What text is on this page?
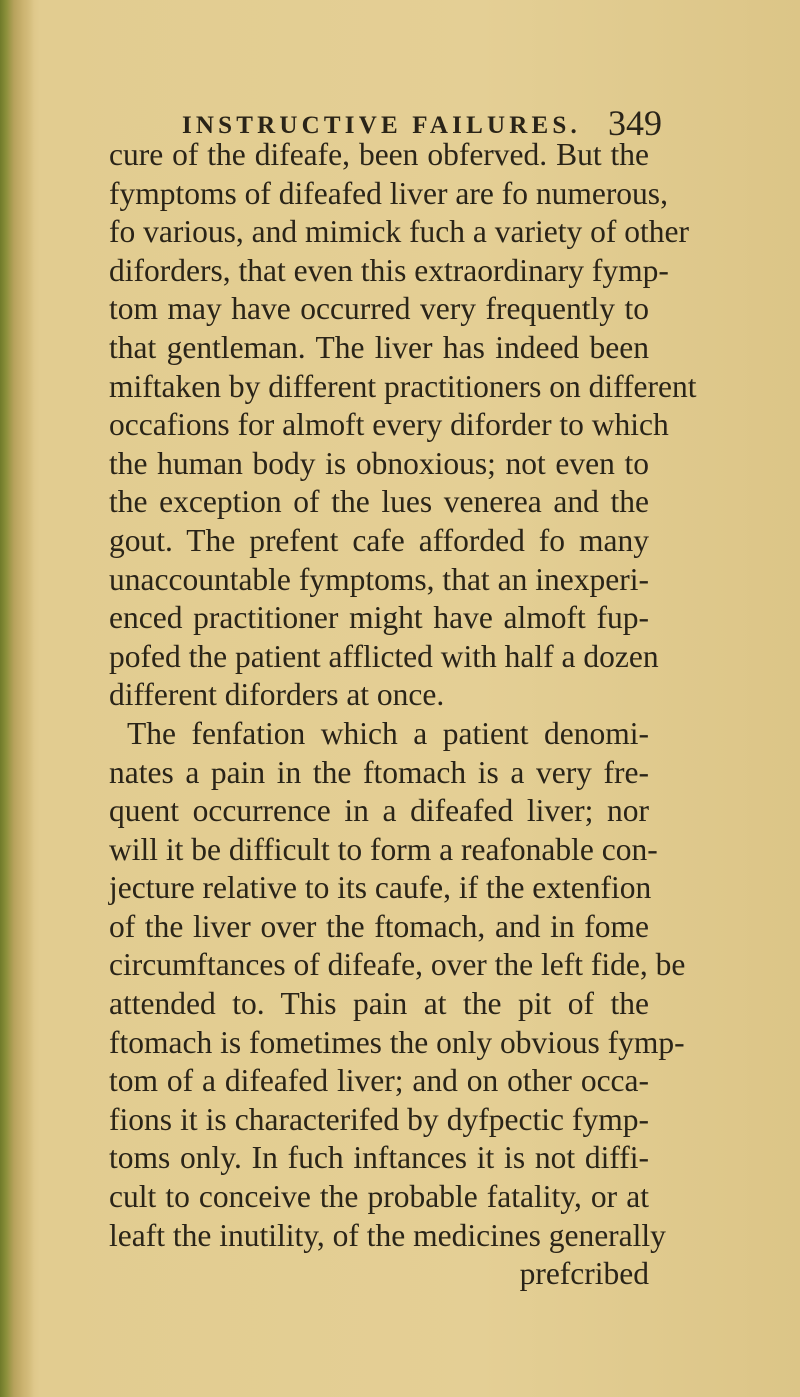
INSTRUCTIVE FAILURES. 349
cure of the difeafe, been obferved. But the
fymptoms of difeafed liver are fo numerous,
fo various, and mimick fuch a variety of other
diforders, that even this extraordinary fymp-
tom may have occurred very frequently to
that gentleman. The liver has indeed been
miftaken by different practitioners on different
occafions for almoft every diforder to which
the human body is obnoxious; not even to
the exception of the lues venerea and the
gout. The prefent cafe afforded fo many
unaccountable fymptoms, that an inexperi-
enced practitioner might have almoft fup-
pofed the patient afflicted with half a dozen
different diforders at once.
The fenfation which a patient denomi-
nates a pain in the ftomach is a very fre-
quent occurrence in a difeafed liver; nor
will it be difficult to form a reafonable con-
jecture relative to its caufe, if the extenfion
of the liver over the ftomach, and in fome
circumftances of difeafe, over the left fide, be
attended to. This pain at the pit of the
ftomach is fometimes the only obvious fymp-
tom of a difeafed liver; and on other occa-
fions it is characterifed by dyfpectic fymp-
toms only. In fuch inftances it is not diffi-
cult to conceive the probable fatality, or at
leaft the inutility, of the medicines generally
prefcribed
